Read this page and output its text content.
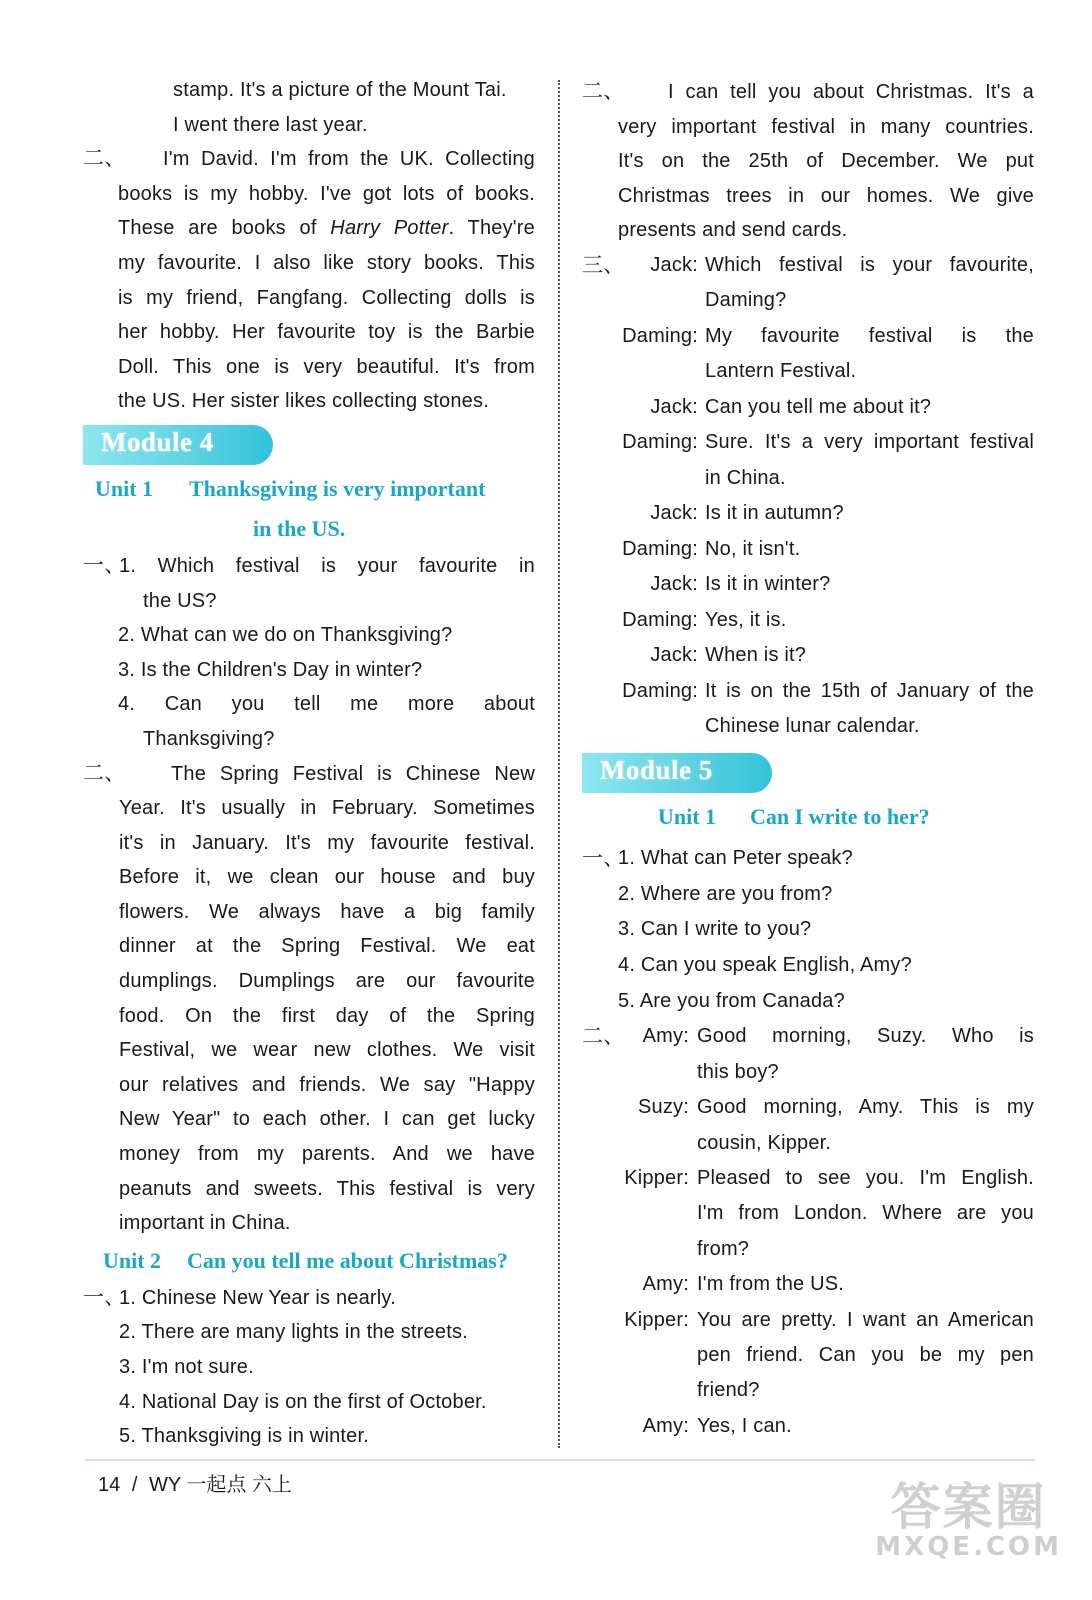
stamp. It's a picture of the Mount Tai.
I went there last year.
二、 I'm David. I'm from the UK. Collecting
books is my hobby. I've got lots of books.
These are books of Harry Potter. They're
my favourite. I also like story books. This
is my friend, Fangfang. Collecting dolls is
her hobby. Her favourite toy is the Barbie
Doll. This one is very beautiful. It's from
the US. Her sister likes collecting stones.
Module 4
Unit 1 Thanksgiving is very important
in the US.
一、
1. Which festival is your favourite in
the US?
2. What can we do on Thanksgiving?
3. Is the Children's Day in winter?
4. Can you tell me more about
Thanksgiving?
二、 The Spring Festival is Chinese New
Year. It's usually in February. Sometimes
it's in January. It's my favourite festival.
Before it, we clean our house and buy
flowers. We always have a big family
dinner at the Spring Festival. We eat
dumplings. Dumplings are our favourite
food. On the first day of the Spring
Festival, we wear new clothes. We visit
our relatives and friends. We say "Happy
New Year" to each other. I can get lucky
money from my parents. And we have
peanuts and sweets. This festival is very
important in China.
Unit 2 Can you tell me about Christmas?
一、
1. Chinese New Year is nearly.
2. There are many lights in the streets.
3. I'm not sure.
4. National Day is on the first of October.
5. Thanksgiving is in winter.
二、 I can tell you about Christmas. It's a
very important festival in many countries.
It's on the 25th of December. We put
Christmas trees in our homes. We give
presents and send cards.
三、 Jack: Which festival is your favourite,
Daming?
Daming: My favourite festival is the
Lantern Festival.
Jack: Can you tell me about it?
Daming: Sure. It's a very important festival
in China.
Jack: Is it in autumn?
Daming: No, it isn't.
Jack: Is it in winter?
Daming: Yes, it is.
Jack: When is it?
Daming: It is on the 15th of January of the
Chinese lunar calendar.
Module 5
Unit 1 Can I write to her?
一、
1. What can Peter speak?
2. Where are you from?
3. Can I write to you?
4. Can you speak English, Amy?
5. Are you from Canada?
二、 Amy: Good morning, Suzy. Who is
this boy?
Suzy: Good morning, Amy. This is my
cousin, Kipper.
Kipper: Pleased to see you. I'm English.
I'm from London. Where are you
from?
Amy: I'm from the US.
Kipper: You are pretty. I want an American
pen friend. Can you be my pen
friend?
Amy: Yes, I can.
14 / WY 一起点 六上	答案圈
MXQE.COM
